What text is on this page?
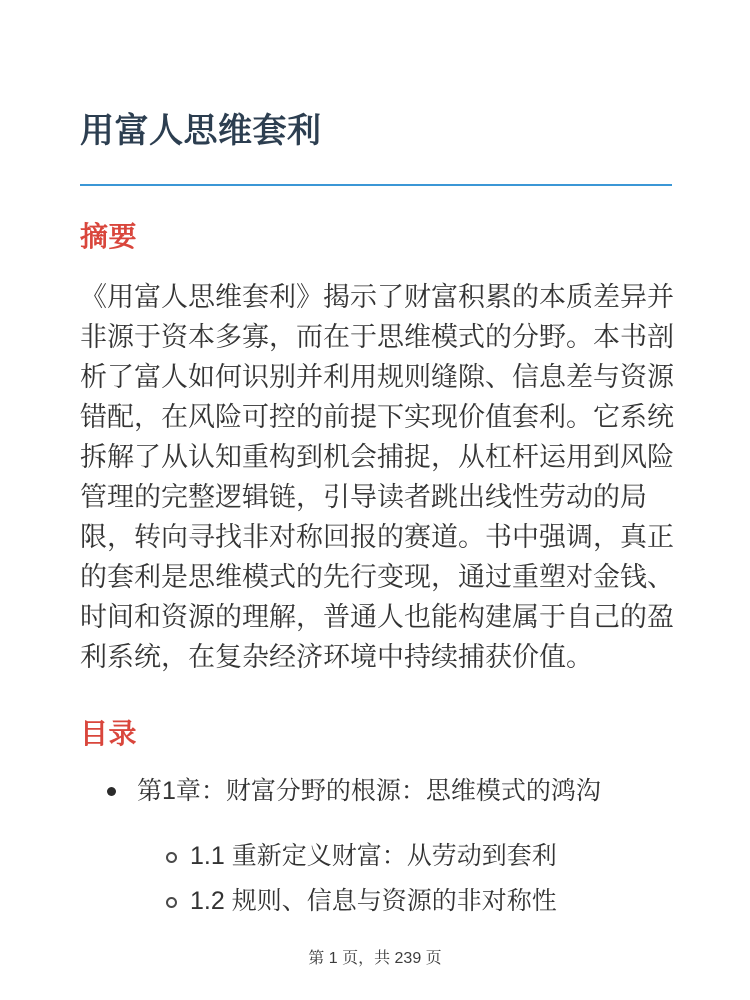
用富人思维套利
摘要

《用富人思维套利》揭示了财富积累的本质差异并非源于资本多寡，而在于思维模式的分野。本书剖析了富人如何识别并利用规则缝隙、信息差与资源错配，在风险可控的前提下实现价值套利。它系统拆解了从认知重构到机会捕捉，从杠杆运用到风险管理的完整逻辑链，引导读者跳出线性劳动的局限，转向寻找非对称回报的赛道。书中强调，真正的套利是思维模式的先行变现，通过重塑对金钱、时间和资源的理解，普通人也能构建属于自己的盈利系统，在复杂经济环境中持续捕获价值。

目录
第1章：财富分野的根源：思维模式的鸿沟
1.1 重新定义财富：从劳动到套利
1.2 规则、信息与资源的非对称性
第 1 页，共 239 页
